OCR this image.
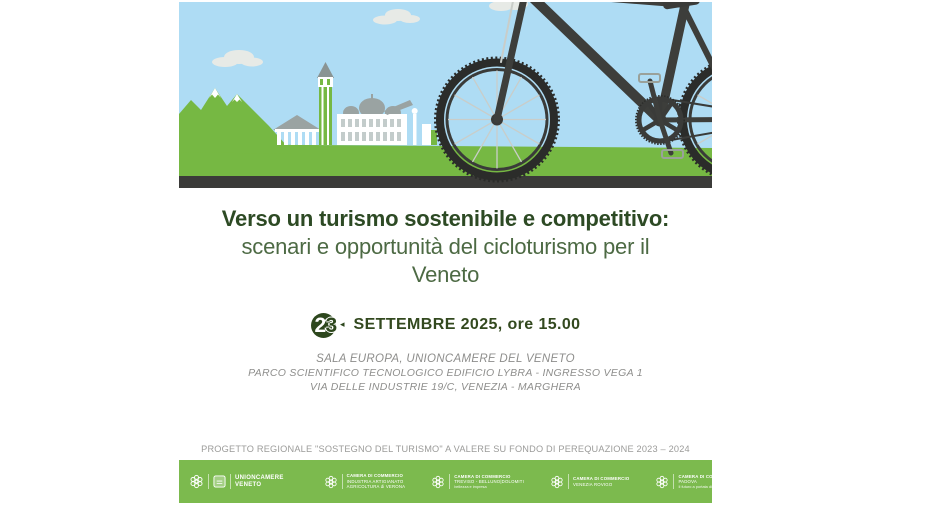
Verso un turismo sostenibile e competitivo:
scenari e opportunità del cicloturismo per il
Veneto
2 3 ◂ SETTEMBRE 2025, ore 15.00
SALA EUROPA, UNIONCAMERE DEL VENETO
PARCO SCIENTIFICO TECNOLOGICO EDIFICIO LYBRA - INGRESSO VEGA 1
VIA DELLE INDUSTRIE 19/C, VENEZIA - MARGHERA
PROGETTO REGIONALE "SOSTEGNO DEL TURISMO" A VALERE SU FONDO DI PEREQUAZIONE 2023 – 2024
UNIONCAMERE
VENETO
CAMERA DI COMMERCIO
INDUSTRIA ARTIGIANATO
AGRICOLTURA di VERONA
CAMERA DI COMMERCIO
TREVISO - BELLUNO|DOLOMITI
bellezza e impresa
CAMERA DI COMMERCIO
VENEZIA ROVIGO
CAMERA DI COMMERCIO
PADOVA
Il futuro a portata di impresa
Camera di Commercio
Vicenza
